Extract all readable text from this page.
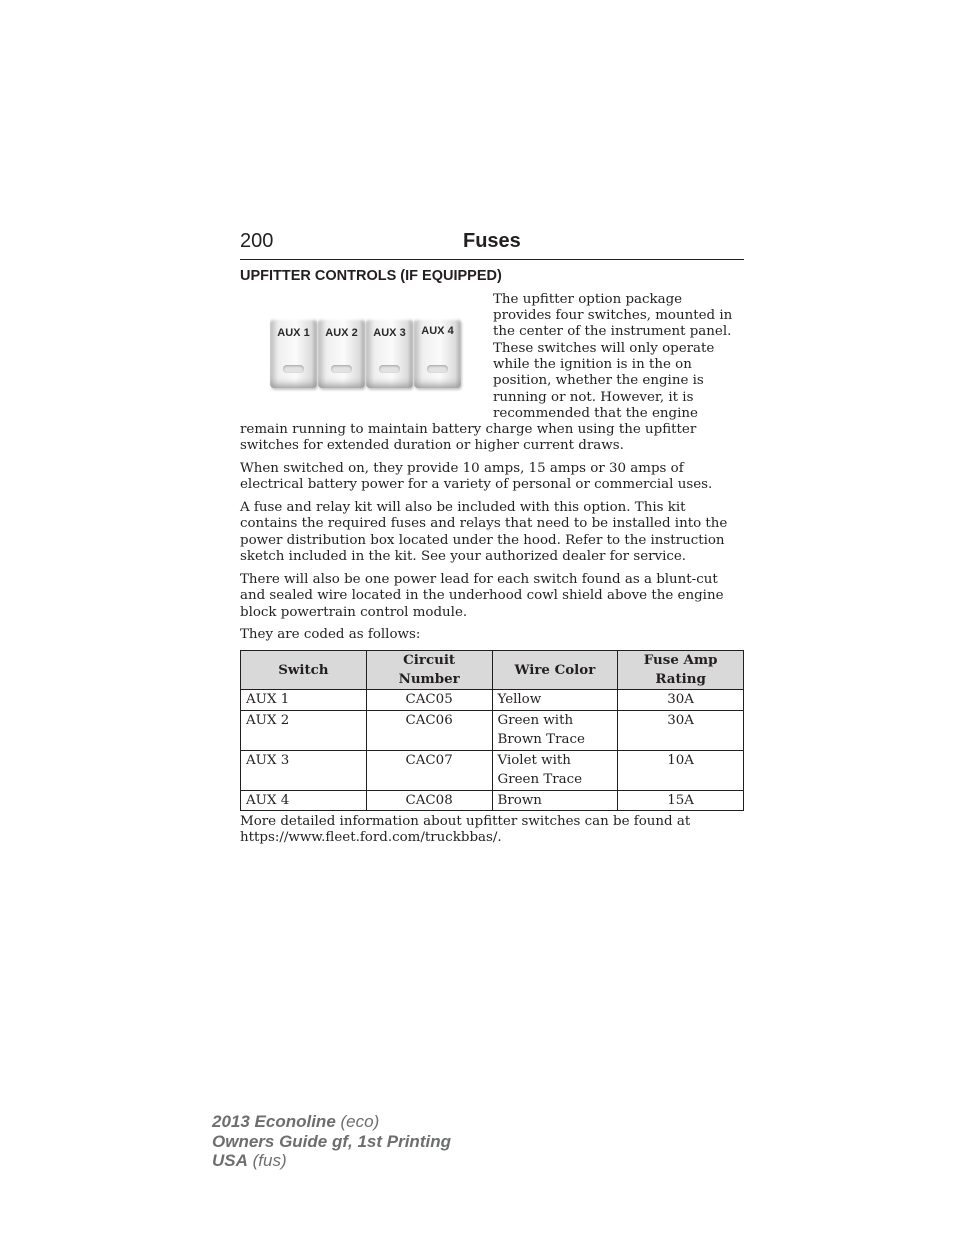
200	Fuses
UPFITTER CONTROLS (IF EQUIPPED)
AUX 1	AUX 2	AUX 3	AUX 4
The upfitter option package
provides four switches, mounted in
the center of the instrument panel.
These switches will only operate
while the ignition is in the on
position, whether the engine is
running or not. However, it is
recommended that the engine
remain running to maintain battery charge when using the upfitter switches for extended duration or higher current draws.
When switched on, they provide 10 amps, 15 amps or 30 amps of electrical battery power for a variety of personal or commercial uses.
A fuse and relay kit will also be included with this option. This kit contains the required fuses and relays that need to be installed into the power distribution box located under the hood. Refer to the instruction sketch included in the kit. See your authorized dealer for service.
There will also be one power lead for each switch found as a blunt-cut and sealed wire located in the underhood cowl shield above the engine block powertrain control module.
They are coded as follows:
Switch	Circuit Number	Wire Color	Fuse Amp Rating
AUX 1	CAC05	Yellow	30A
AUX 2	CAC06	Green with Brown Trace	30A
AUX 3	CAC07	Violet with Green Trace	10A
AUX 4	CAC08	Brown	15A
More detailed information about upfitter switches can be found at https://www.fleet.ford.com/truckbbas/.
2013 Econoline (eco)
Owners Guide gf, 1st Printing
USA (fus)
